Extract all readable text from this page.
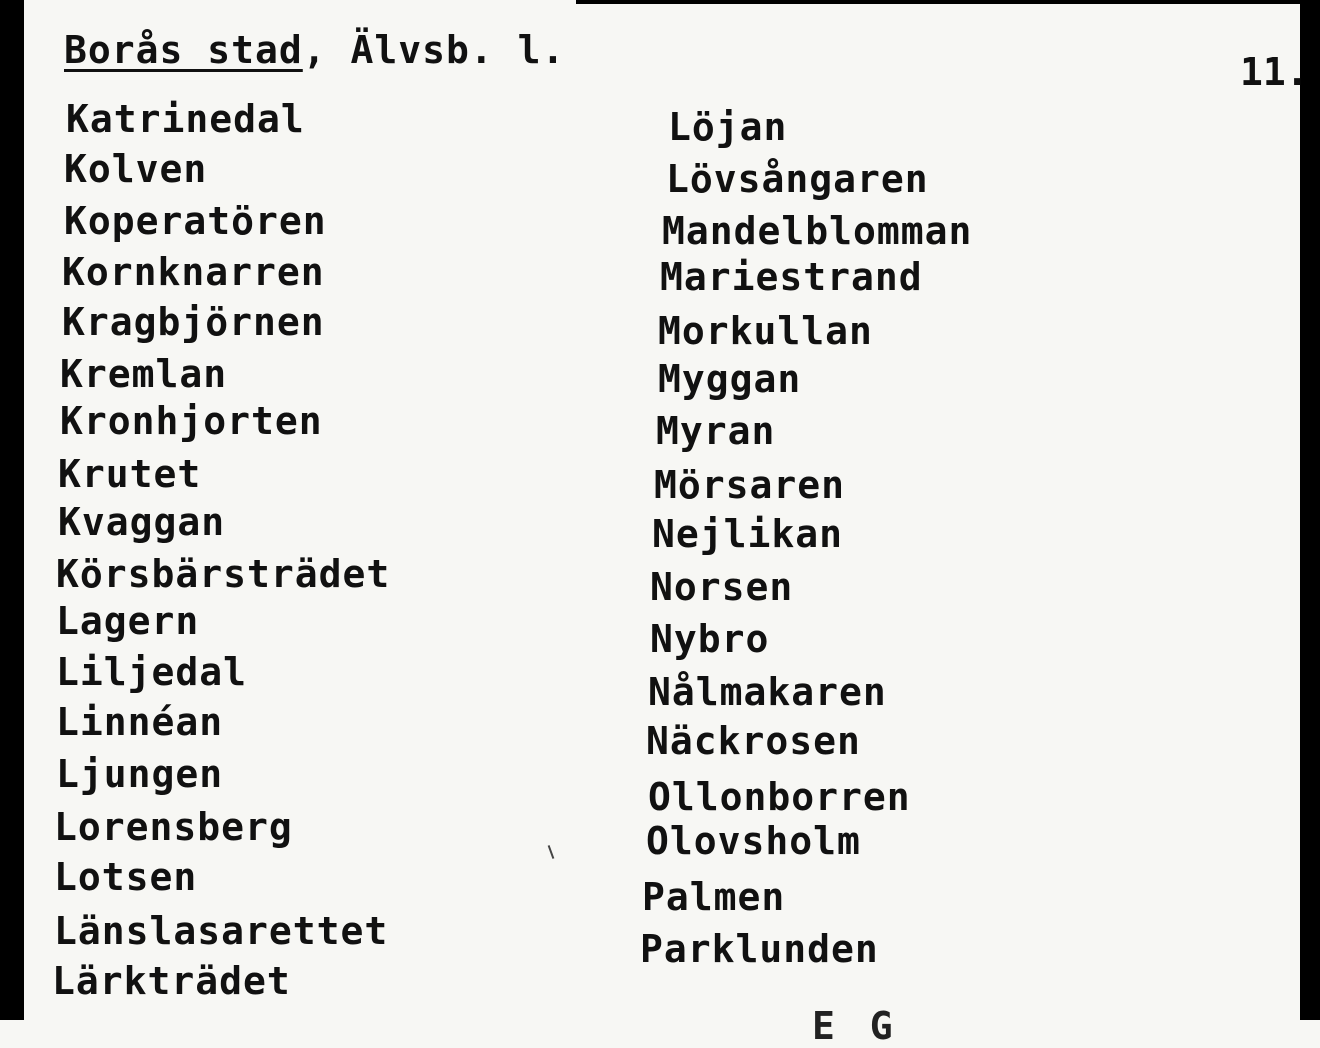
Borås stad, Älvsb. l.	11.
Katrinedal
Kolven
Koperatören
Kornknarren
Kragbjörnen
Kremlan
Kronhjorten
Krutet
Kvaggan
Körsbärsträdet
Lagern
Liljedal
Linnéan
Ljungen
Lorensberg
Lotsen
Länslasarettet
Lärkträdet
Löjan
Lövsångaren
Mandelblomman
Mariestrand
Morkullan
Myggan
Myran
Mörsaren
Nejlikan
Norsen
Nybro
Nålmakaren
Näckrosen
Ollonborren
Olovsholm
Palmen
Parklunden
E G
